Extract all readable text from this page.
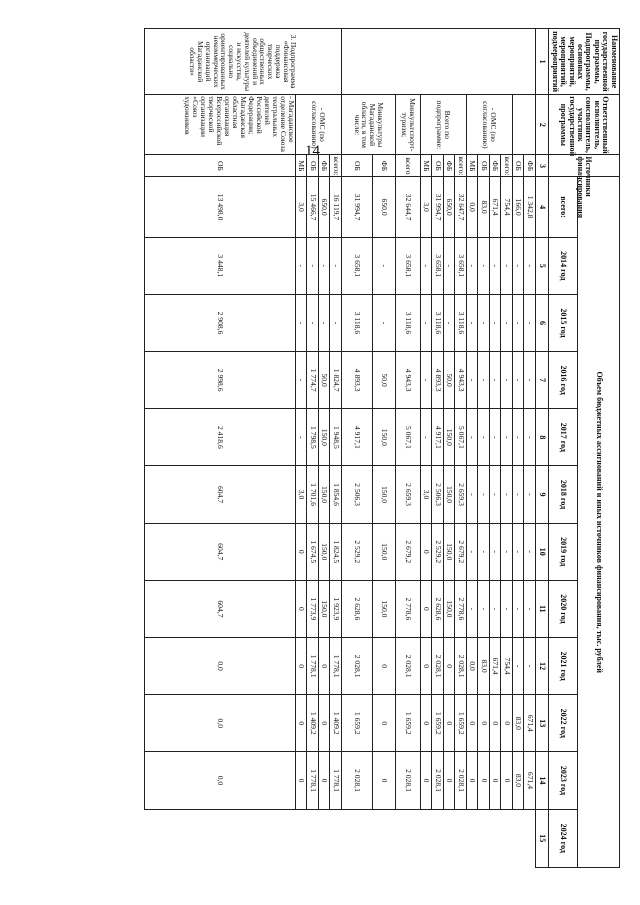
14
Наименование государственной программы, Подпрограммы, основных мероприятий, мероприятий, подмероприятий	Ответственный исполнитель, соисполнитель, участник государственной программы	Источники финансирования	Объем бюджетных ассигнований и иных источников финансирования, тыс. рублей											
			всего:	2014 год	2015 год	2016 год	2017 год	2018 год	2019 год	2020 год	2021 год	2022 год	2023 год	2024 год
1	2	3	4	5	6	7	8	9	10	11	12	13	14	15
		ФБ	1 342,8	-	-	-	-	-	-	-	-	671,4	671,4	
		ОБ	166,0	-	-	-	-	-	-	-	-	83,0	83,0	
	- ОМС (по согласованию)	всего:	754,4	-	-	-	-	-	-	-	754,4	0	0	
		ФБ	671,4	-	-	-	-	-	-	-	671,4	0	0	
		ОБ	83,0	-	-	-	-	-	-	-	83,0	0	0	
		МБ	0,0	-	-	-	-	-	-	-	0,0	0	0	
	Всего по подпрограмме:	всего:	32 647,7	3 658,1	3 118,6	4 943,3	5 067,1	2 659,3	2 679,2	2 778,6	2 028,1	1 659,2	2 028,1	
		ФБ	650,0	-	-	50,0	150,0	150,0	150,0	150,0	0	0	0	
		ОБ	31 994,7	3 658,1	3 118,6	4 893,3	4 917,1	2 506,3	2 529,2	2 628,6	2 028,1	1 659,2	2 028,1	
		МБ	3,0	-	-	-	-	3,0	0	0	0	0	0	
	Минкультспорт-туризм;	всего	32 644,7	3 658,1	3 118,6	4 943,3	5 067,1	2 659,3	2 679,2	2 778,6	2 028,1	1 659,2	2 028,1	
	Минкультуры Магаданской области, в том числе:	ФБ	650,0	-	-	50,0	150,0	150,0	150,0	150,0	0	0	0	
		ОБ	31 994,7	3 658,1	3 118,6	4 893,3	4 917,1	2 506,3	2 529,2	2 628,6	2 028,1	1 659,2	2 028,1	
3. Подпрограмма «Финансовая поддержка творческих общественных объединений и деятелей культуры и искусства, социально ориентированных некоммерческих организаций Магаданской области»	- ОМС (по согласованию)	всего:	16 119,7	-	-	1 824,7	1 948,5	1 854,6	1 824,5	1 923,9	1 778,1	1 409,2	1 778,1	
		ФБ	650,0	-	-	50,0	150,0	150,0	150,0	150,0	0	0	0	
		ОБ	15 466,7	-	-	1 774,7	1 798,5	1 701,6	1 674,5	1 773,9	1 778,1	1 409,2	1 778,1	
		МБ	3,0	-	-	-	-	3,0	0	0	0	0	0	
	- Магаданское отделение Союза театральных деятелей Российской Федерации; Магаданская областная организация Всероссийской творческой организации «Союз художников	ОБ	13 498,0	3 448,1	2 908,6	2 998,6	2 418,6	604,7	604,7	604,7	0,0	0,0	0,0	
